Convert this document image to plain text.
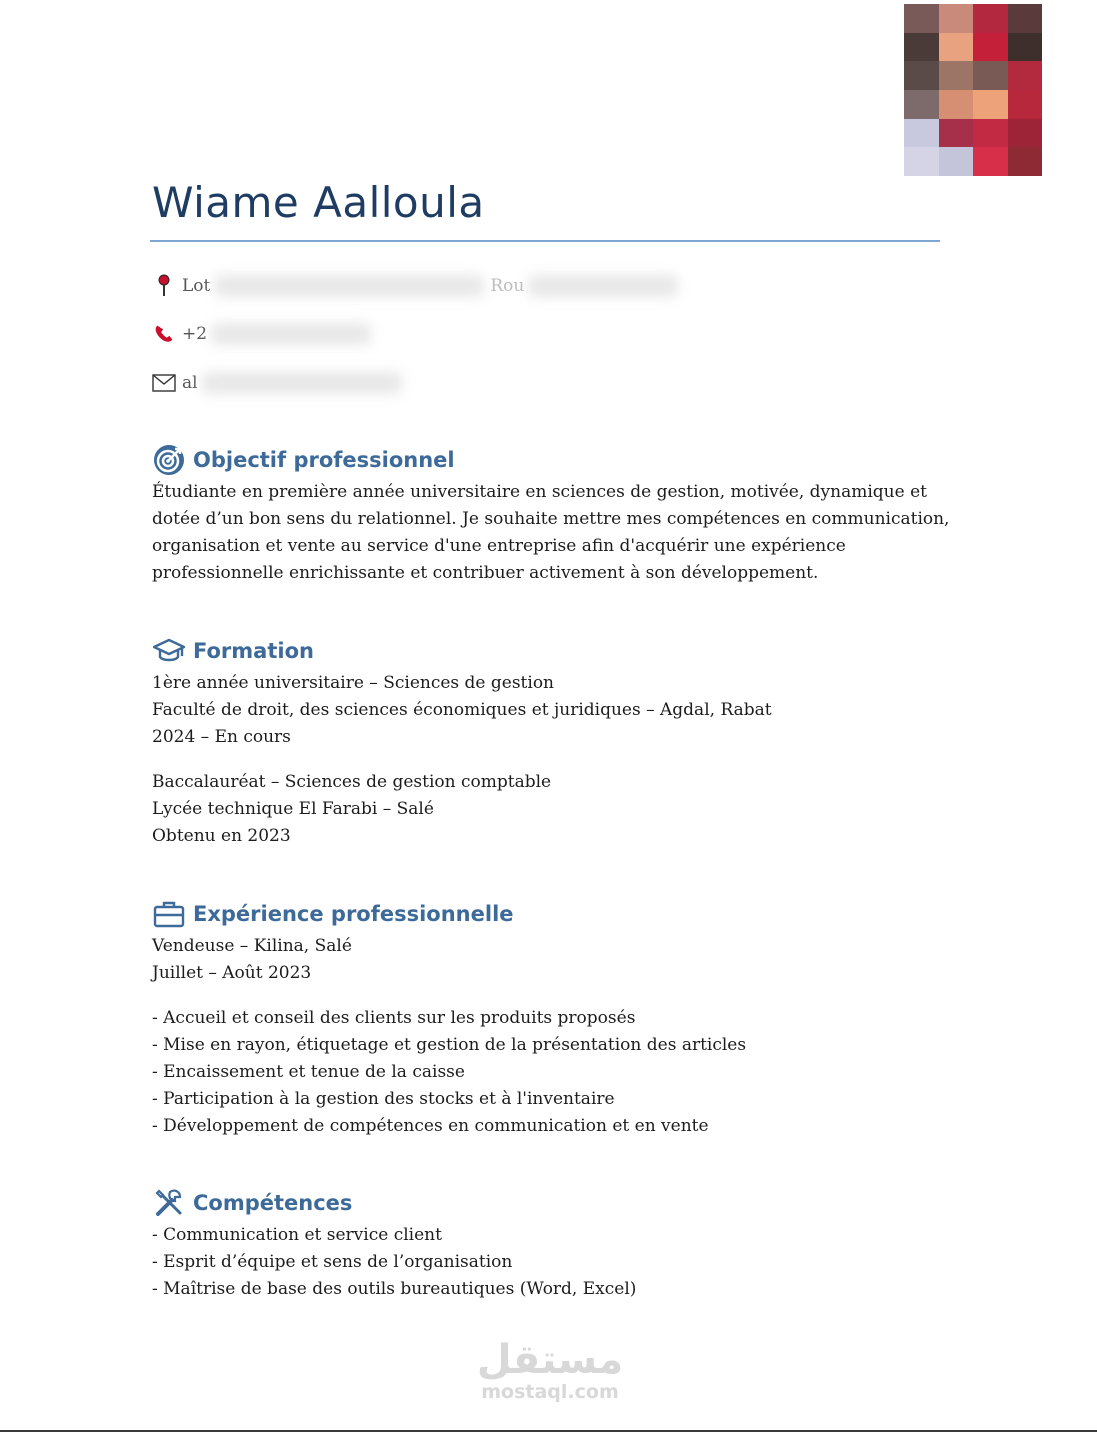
Wiame Aalloula
Lot	Rou
+2
al
Objectif professionnel
Étudiante en première année universitaire en sciences de gestion, motivée, dynamique et
dotée d’un bon sens du relationnel. Je souhaite mettre mes compétences en communication,
organisation et vente au service d'une entreprise afin d'acquérir une expérience
professionnelle enrichissante et contribuer activement à son développement.
Formation
1ère année universitaire – Sciences de gestion
Faculté de droit, des sciences économiques et juridiques – Agdal, Rabat
2024 – En cours
Baccalauréat – Sciences de gestion comptable
Lycée technique El Farabi – Salé
Obtenu en 2023
Expérience professionnelle
Vendeuse – Kilina, Salé
Juillet – Août 2023
- Accueil et conseil des clients sur les produits proposés
- Mise en rayon, étiquetage et gestion de la présentation des articles
- Encaissement et tenue de la caisse
- Participation à la gestion des stocks et à l'inventaire
- Développement de compétences en communication et en vente
Compétences
- Communication et service client
- Esprit d’équipe et sens de l’organisation
- Maîtrise de base des outils bureautiques (Word, Excel)
مستقل
mostaql.com
